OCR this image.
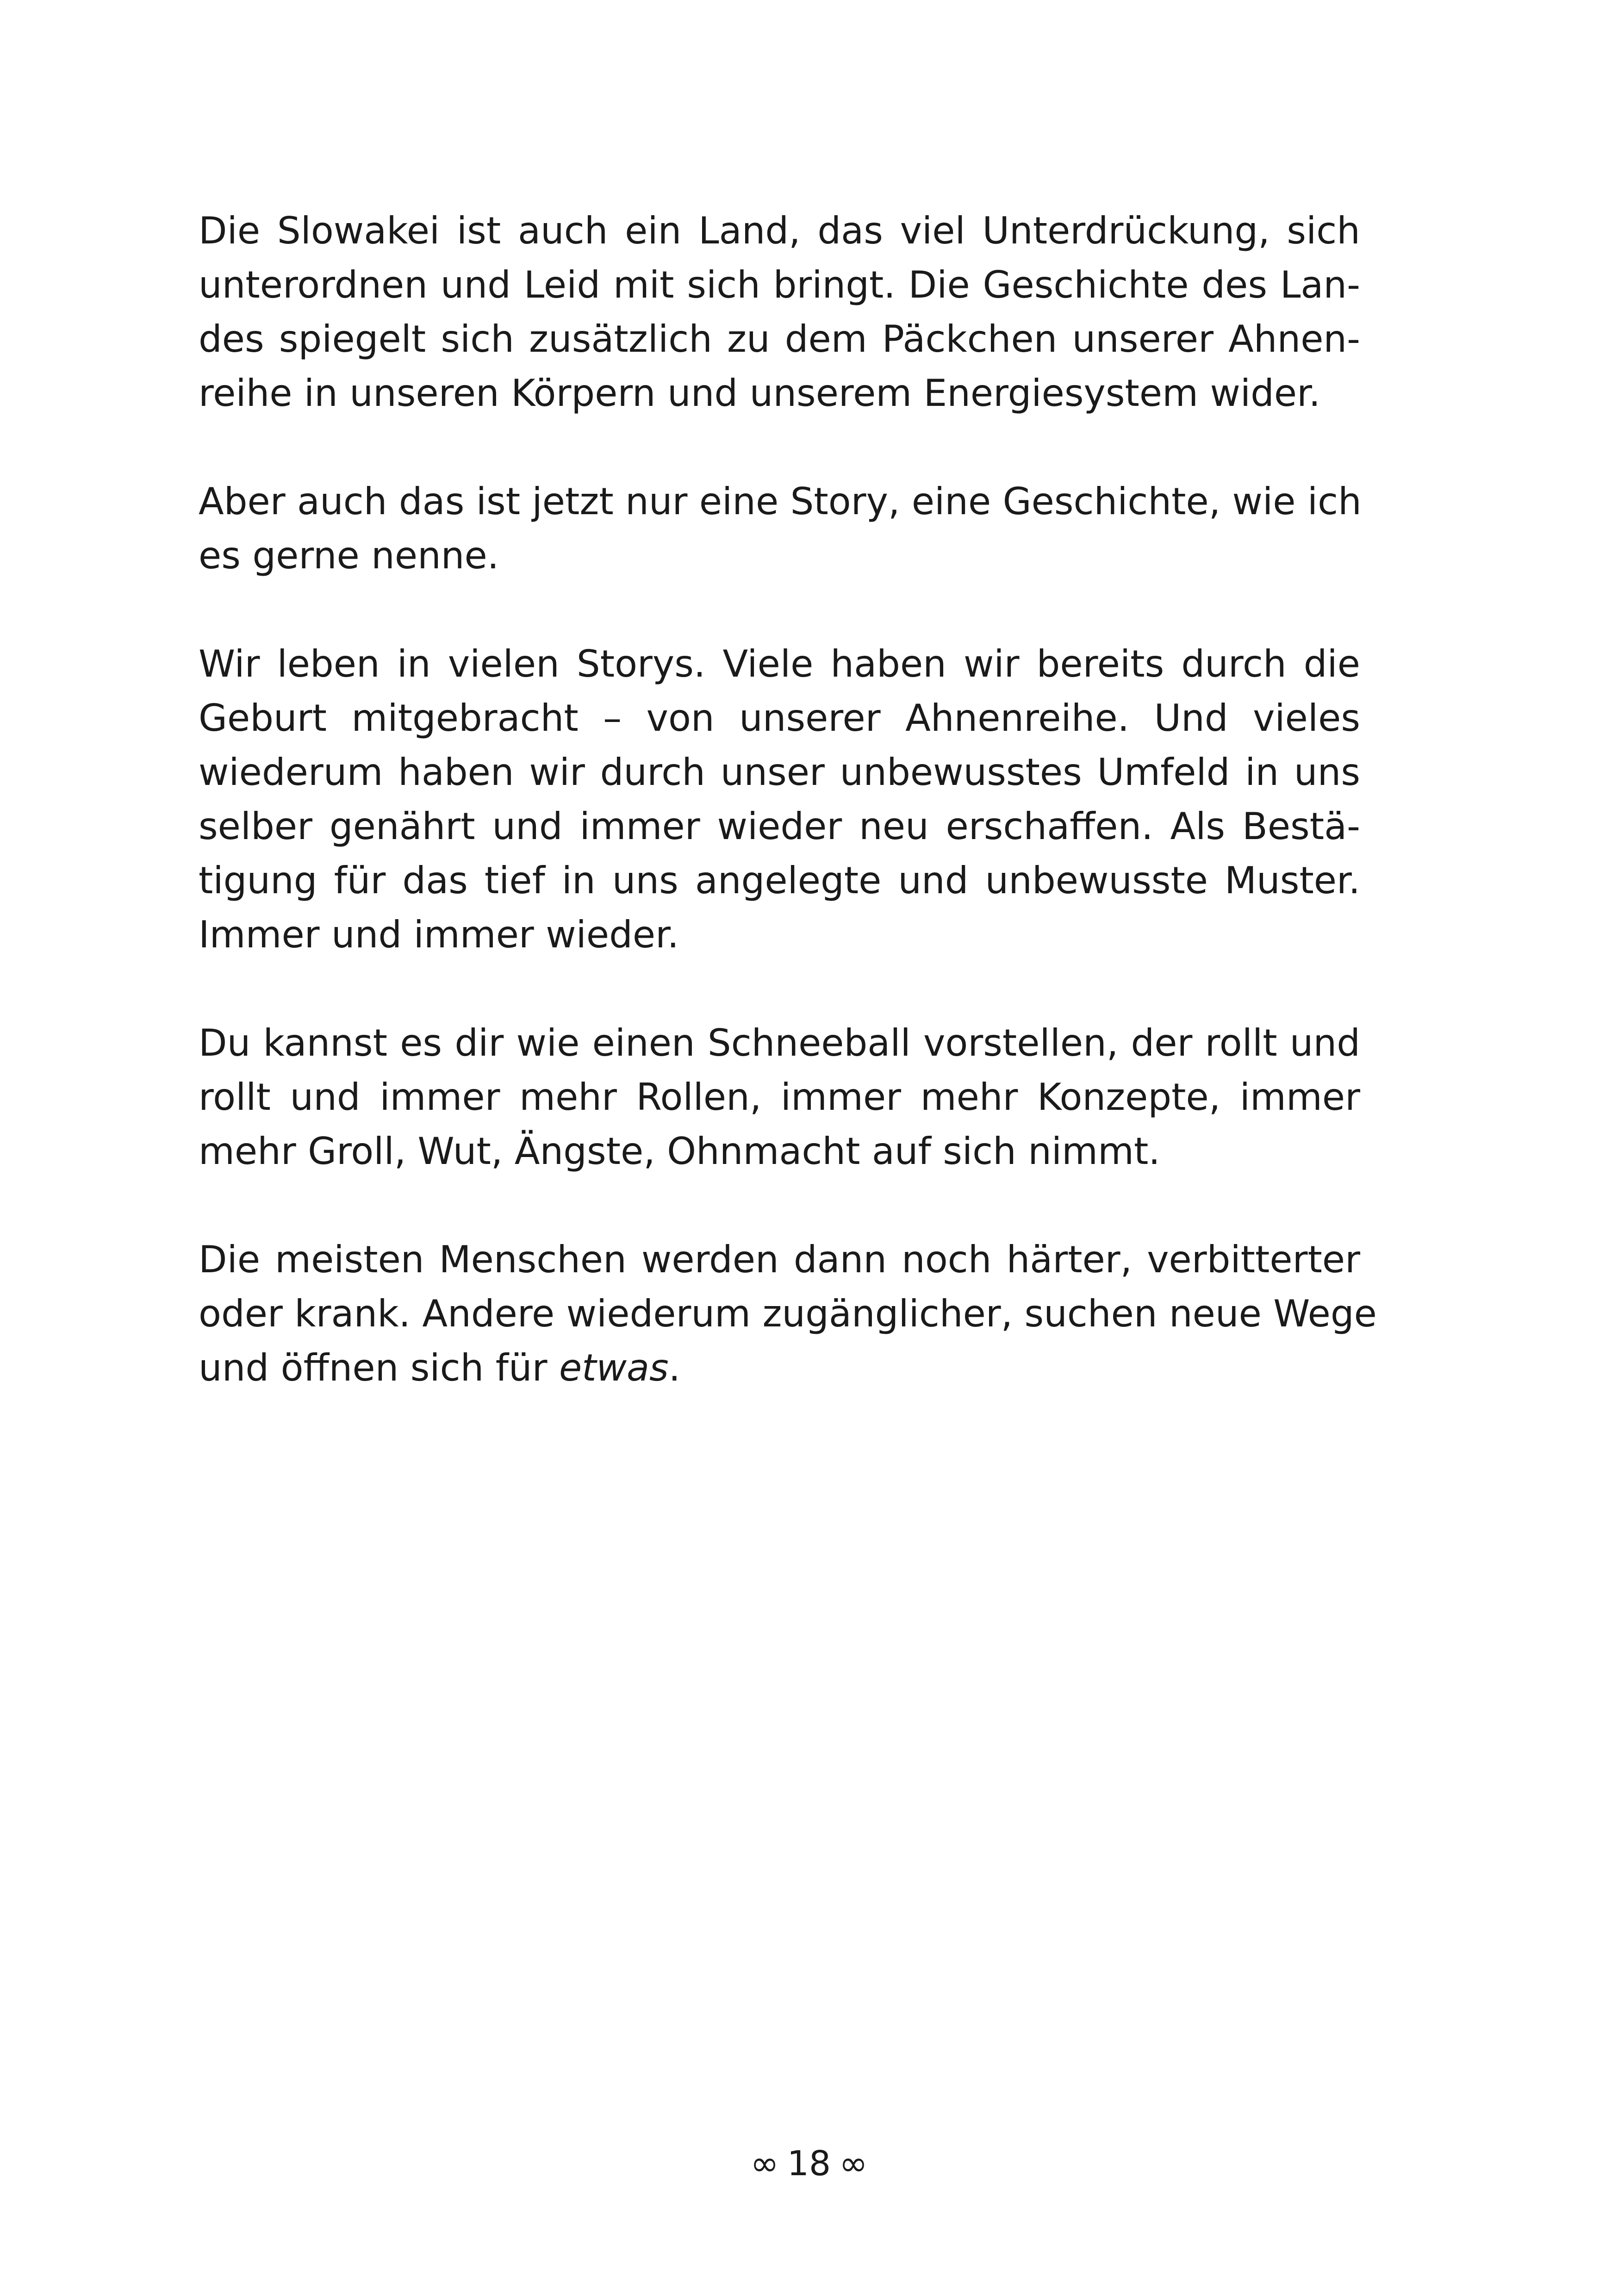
Die Slowakei ist auch ein Land, das viel Unterdrückung, sich
unterordnen und Leid mit sich bringt. Die Geschichte des Lan-
des spiegelt sich zusätzlich zu dem Päckchen unserer Ahnen-
reihe in unseren Körpern und unserem Energiesystem wider.
Aber auch das ist jetzt nur eine Story, eine Geschichte, wie ich
es gerne nenne.
Wir leben in vielen Storys. Viele haben wir bereits durch die
Geburt mitgebracht – von unserer Ahnenreihe. Und vieles
wiederum haben wir durch unser unbewusstes Umfeld in uns
selber genährt und immer wieder neu erschaffen. Als Bestä-
tigung für das tief in uns angelegte und unbewusste Muster.
Immer und immer wieder.
Du kannst es dir wie einen Schneeball vorstellen, der rollt und
rollt und immer mehr Rollen, immer mehr Konzepte, immer
mehr Groll, Wut, Ängste, Ohnmacht auf sich nimmt.
Die meisten Menschen werden dann noch härter, verbitterter
oder krank. Andere wiederum zugänglicher, suchen neue Wege
und öffnen sich für etwas.
∞ 18 ∞
